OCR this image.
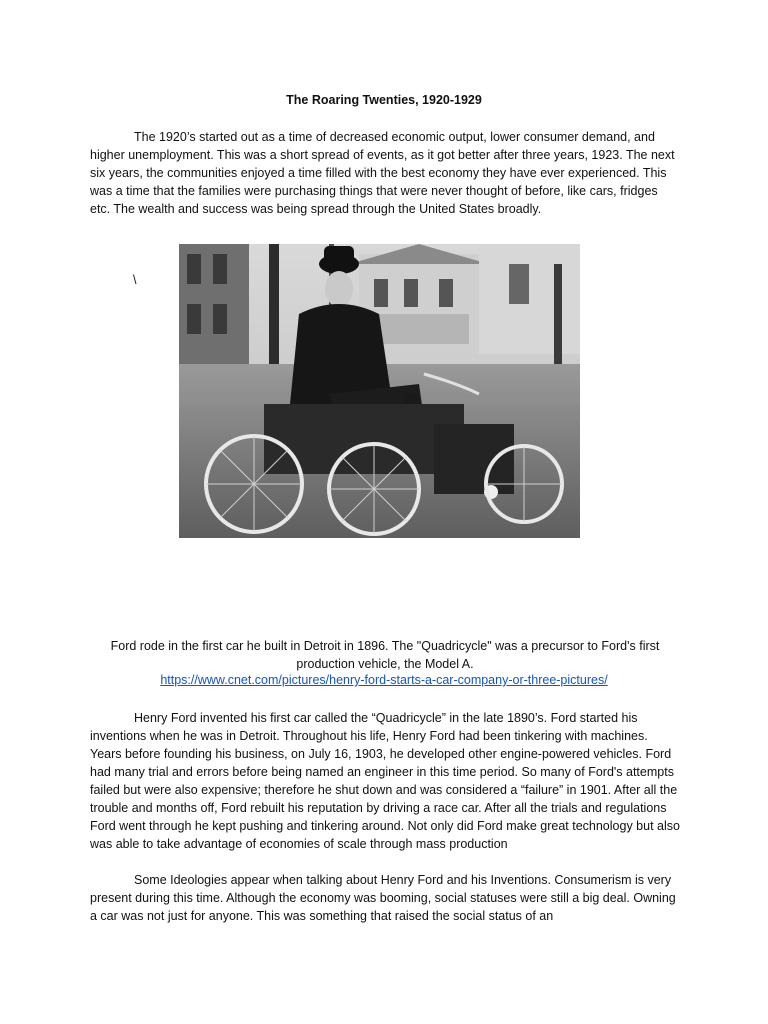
The Roaring Twenties, 1920-1929

The 1920’s started out as a time of decreased economic output, lower consumer demand, and higher unemployment. This was a short spread of events, as it got better after three years, 1923. The next six years, the communities enjoyed a time filled with the best economy they have ever experienced. This was a time that the families were purchasing things that were never thought of before, like cars, fridges etc. The wealth and success was being spread through the United States broadly.

\
Ford rode in the first car he built in Detroit in 1896. The "Quadricycle" was a precursor to Ford's first production vehicle, the Model A.
https://www.cnet.com/pictures/henry-ford-starts-a-car-company-or-three-pictures/

Henry Ford invented his first car called the “Quadricycle” in the late 1890’s. Ford started his inventions when he was in Detroit. Throughout his life, Henry Ford had been tinkering with machines. Years before founding his business, on July 16, 1903, he developed other engine-powered vehicles. Ford had many trial and errors before being named an engineer in this time period. So many of Ford's attempts failed but were also expensive; therefore he shut down and was considered a “failure” in 1901. After all the trouble and months off, Ford rebuilt his reputation by driving a race car. After all the trials and regulations Ford went through he kept pushing and tinkering around. Not only did Ford make great technology but also was able to take advantage of economies of scale through mass production

Some Ideologies appear when talking about Henry Ford and his Inventions. Consumerism is very present during this time. Although the economy was booming, social statuses were still a big deal. Owning a car was not just for anyone. This was something that raised the social status of an
